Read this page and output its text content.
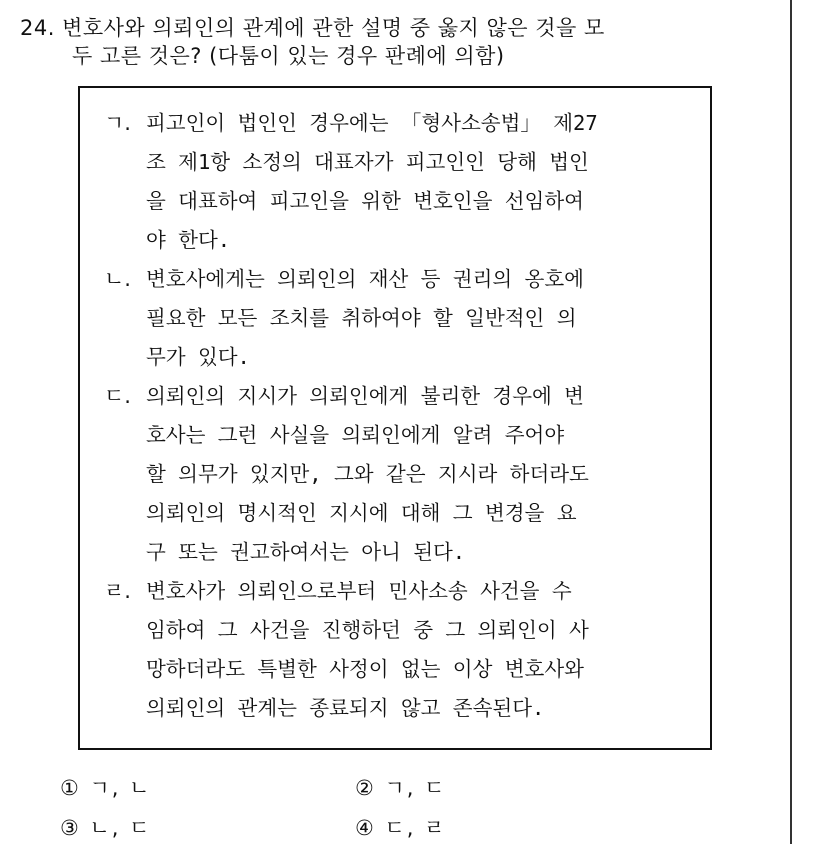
24. 변호사와 의뢰인의 관계에 관한 설명 중 옳지 않은 것을 모
두 고른 것은? (다툼이 있는 경우 판례에 의함)
ㄱ. 피고인이 법인인 경우에는 「형사소송법」 제27
조 제1항 소정의 대표자가 피고인인 당해 법인
을 대표하여 피고인을 위한 변호인을 선임하여
야 한다.
ㄴ. 변호사에게는 의뢰인의 재산 등 권리의 옹호에
필요한 모든 조치를 취하여야 할 일반적인 의
무가 있다.
ㄷ. 의뢰인의 지시가 의뢰인에게 불리한 경우에 변
호사는 그런 사실을 의뢰인에게 알려 주어야
할 의무가 있지만, 그와 같은 지시라 하더라도
의뢰인의 명시적인 지시에 대해 그 변경을 요
구 또는 권고하여서는 아니 된다.
ㄹ. 변호사가 의뢰인으로부터 민사소송 사건을 수
임하여 그 사건을 진행하던 중 그 의뢰인이 사
망하더라도 특별한 사정이 없는 이상 변호사와
의뢰인의 관계는 종료되지 않고 존속된다.
① ㄱ, ㄴ	② ㄱ, ㄷ
③ ㄴ, ㄷ	④ ㄷ, ㄹ
